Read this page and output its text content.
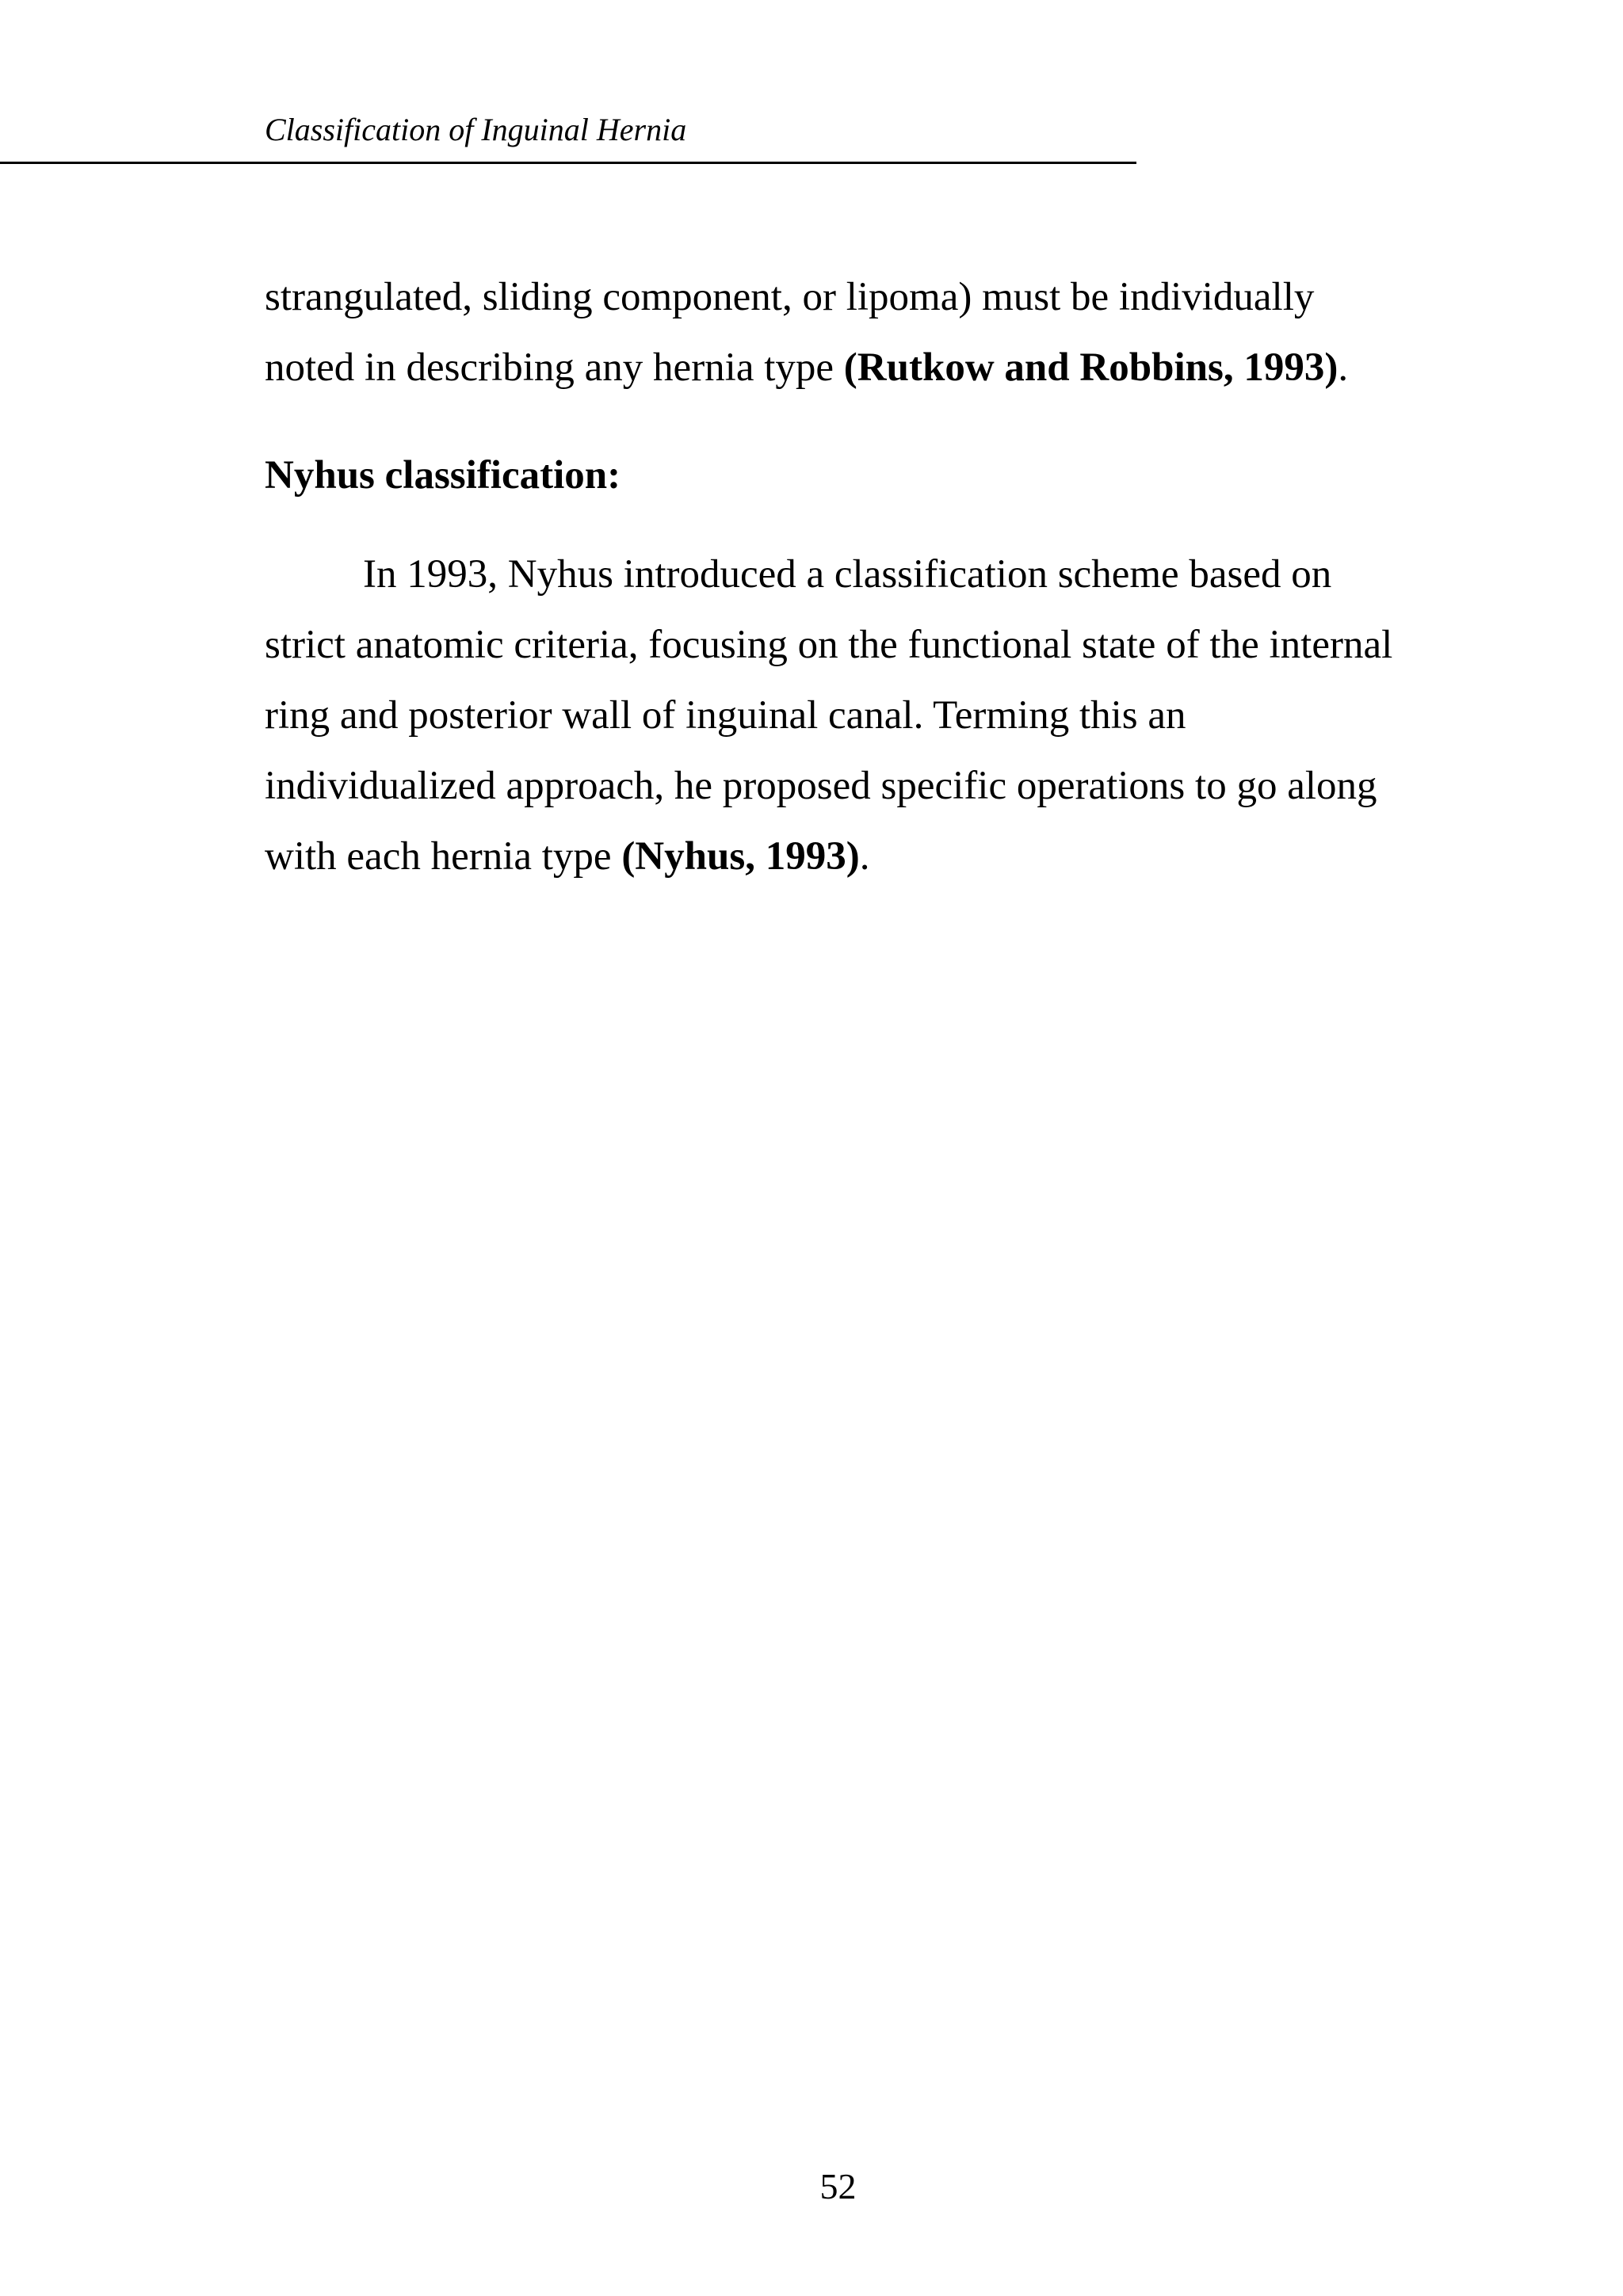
Classification of Inguinal Hernia
strangulated, sliding component, or lipoma) must be individually
noted in describing any hernia type (Rutkow and Robbins, 1993).
Nyhus classification:
In 1993, Nyhus introduced a classification scheme based on
strict anatomic criteria, focusing on the functional state of the internal
ring and posterior wall of inguinal canal. Terming this an
individualized approach, he proposed specific operations to go along
with each hernia type (Nyhus, 1993).
52
